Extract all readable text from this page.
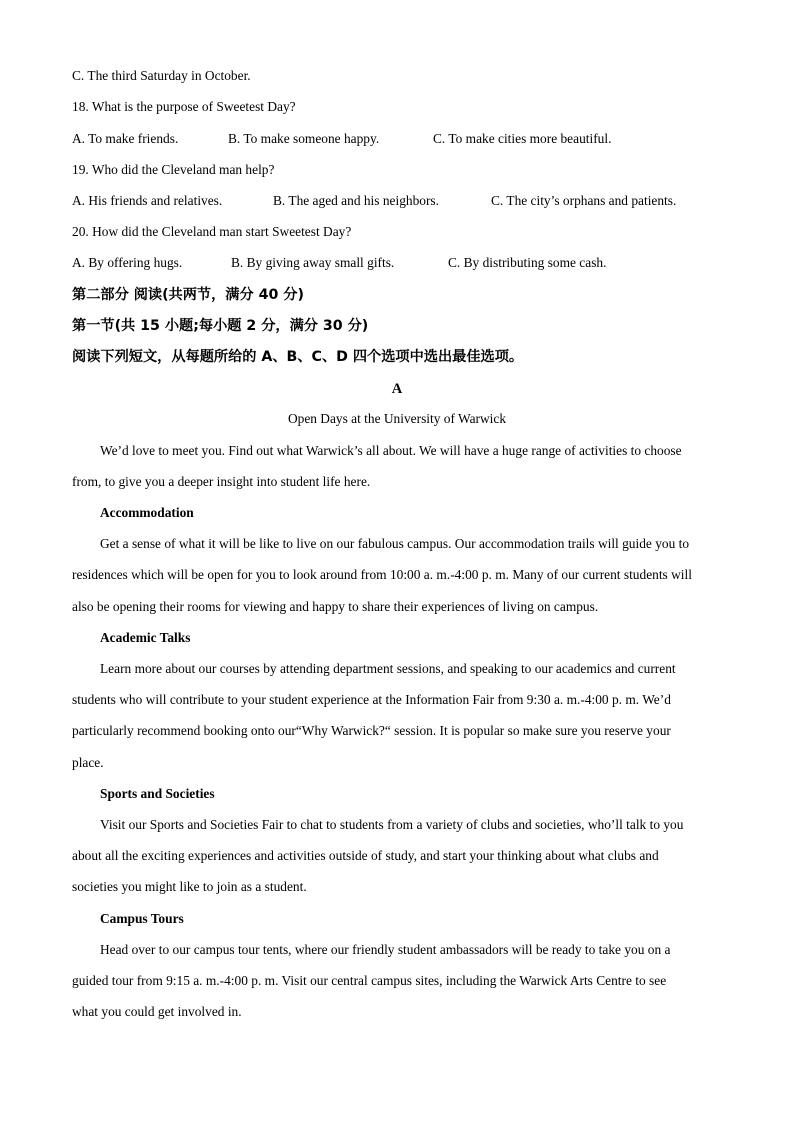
C. The third Saturday in October.
18. What is the purpose of Sweetest Day?
A. To make friends.	B. To make someone happy.	C. To make cities more beautiful.
19. Who did the Cleveland man help?
A. His friends and relatives.	B. The aged and his neighbors.	C. The city’s orphans and patients.
20. How did the Cleveland man start Sweetest Day?
A. By offering hugs.	B. By giving away small gifts.	C. By distributing some cash.
第二部分 阅读(共两节，满分 40 分)
第一节(共 15 小题;每小题 2 分，满分 30 分)
阅读下列短文，从每题所给的 A、B、C、D 四个选项中选出最佳选项。
A
Open Days at the University of Warwick
We’d love to meet you. Find out what Warwick’s all about. We will have a huge range of activities to choose
from, to give you a deeper insight into student life here.
Accommodation
Get a sense of what it will be like to live on our fabulous campus. Our accommodation trails will guide you to
residences which will be open for you to look around from 10:00 a. m.-4:00 p. m. Many of our current students will
also be opening their rooms for viewing and happy to share their experiences of living on campus.
Academic Talks
Learn more about our courses by attending department sessions, and speaking to our academics and current
students who will contribute to your student experience at the Information Fair from 9:30 a. m.-4:00 p. m. We’d
particularly recommend booking onto our“Why Warwick?“ session. It is popular so make sure you reserve your
place.
Sports and Societies
Visit our Sports and Societies Fair to chat to students from a variety of clubs and societies, who’ll talk to you
about all the exciting experiences and activities outside of study, and start your thinking about what clubs and
societies you might like to join as a student.
Campus Tours
Head over to our campus tour tents, where our friendly student ambassadors will be ready to take you on a
guided tour from 9:15 a. m.-4:00 p. m. Visit our central campus sites, including the Warwick Arts Centre to see
what you could get involved in.
